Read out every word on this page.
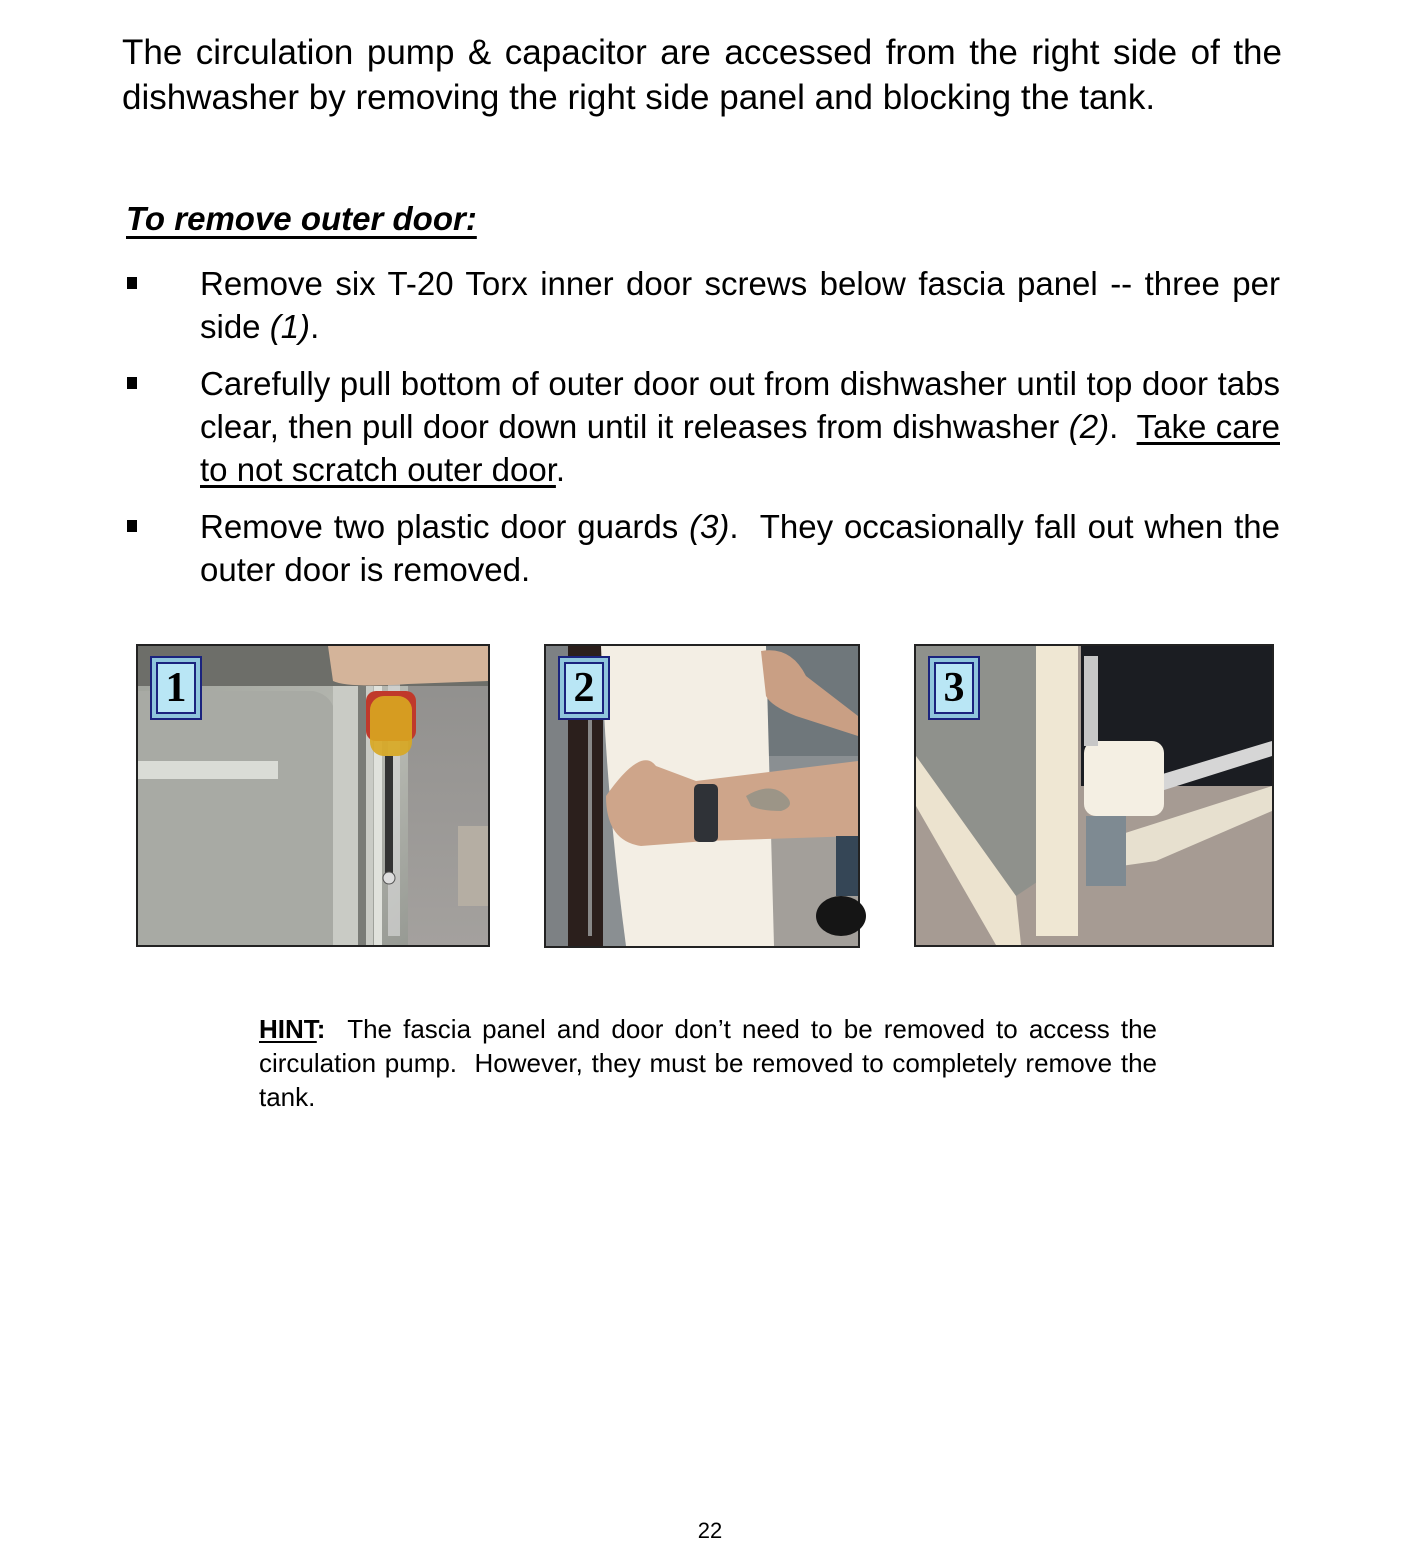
The circulation pump & capacitor are accessed from the right side of the dishwasher by removing the right side panel and blocking the tank.
To remove outer door:
Remove six T-20 Torx inner door screws below fascia panel -- three per side (1).
Carefully pull bottom of outer door out from dishwasher until top door tabs clear, then pull door down until it releases from dishwasher (2).  Take care to not scratch outer door.
Remove two plastic door guards (3).  They occasionally fall out when the outer door is removed.
1	2	3
HINT:  The fascia panel and door don’t need to be removed to access the circulation pump.  However, they must be removed to completely remove the tank.
22
